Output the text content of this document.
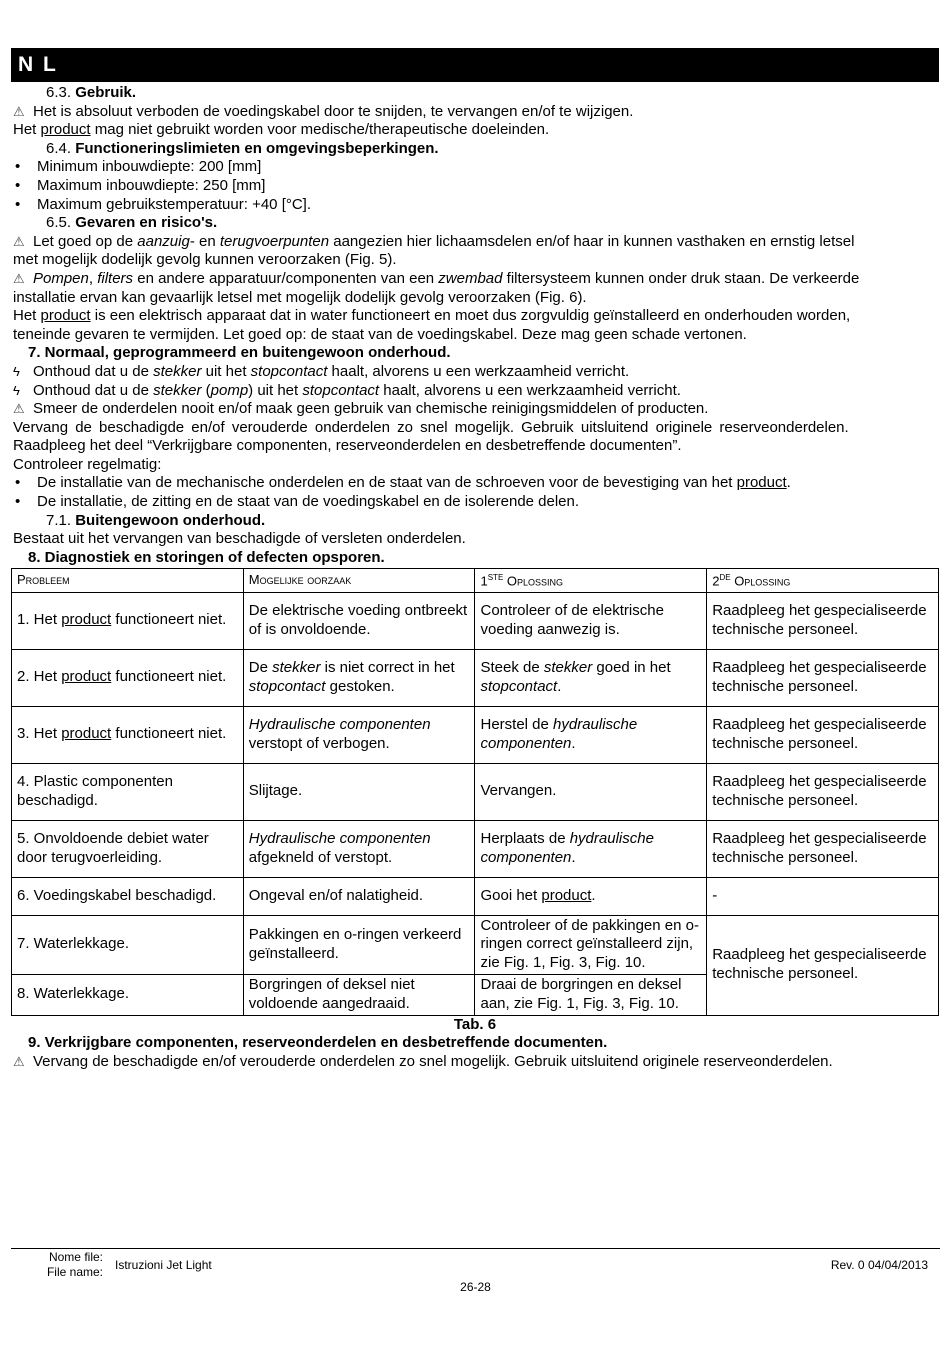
N L
6.3. Gebruik.
⚠ Het is absoluut verboden de voedingskabel door te snijden, te vervangen en/of te wijzigen.
Het product mag niet gebruikt worden voor medische/therapeutische doeleinden.
6.4. Functioneringslimieten en omgevingsbeperkingen.
• Minimum inbouwdiepte: 200 [mm]
• Maximum inbouwdiepte: 250 [mm]
• Maximum gebruikstemperatuur: +40 [°C].
6.5. Gevaren en risico's.
⚠ Let goed op de aanzuig- en terugvoerpunten aangezien hier lichaamsdelen en/of haar in kunnen vasthaken en ernstig letsel
met mogelijk dodelijk gevolg kunnen veroorzaken (Fig. 5).
⚠ Pompen, filters en andere apparatuur/componenten van een zwembad filtersysteem kunnen onder druk staan. De verkeerde
installatie ervan kan gevaarlijk letsel met mogelijk dodelijk gevolg veroorzaken (Fig. 6).
Het product is een elektrisch apparaat dat in water functioneert en moet dus zorgvuldig geïnstalleerd en onderhouden worden,
teneinde gevaren te vermijden. Let goed op: de staat van de voedingskabel. Deze mag geen schade vertonen.
7. Normaal, geprogrammeerd en buitengewoon onderhoud.
ϟ Onthoud dat u de stekker uit het stopcontact haalt, alvorens u een werkzaamheid verricht.
ϟ Onthoud dat u de stekker (pomp) uit het stopcontact haalt, alvorens u een werkzaamheid verricht.
⚠ Smeer de onderdelen nooit en/of maak geen gebruik van chemische reinigingsmiddelen of producten.
Vervang de beschadigde en/of verouderde onderdelen zo snel mogelijk. Gebruik uitsluitend originele reserveonderdelen.
Raadpleeg het deel “Verkrijgbare componenten, reserveonderdelen en desbetreffende documenten”.
Controleer regelmatig:
• De installatie van de mechanische onderdelen en de staat van de schroeven voor de bevestiging van het product.
• De installatie, de zitting en de staat van de voedingskabel en de isolerende delen.
7.1. Buitengewoon onderhoud.
Bestaat uit het vervangen van beschadigde of versleten onderdelen.
8. Diagnostiek en storingen of defecten opsporen.
Probleem	Mogelijke oorzaak	1STE Oplossing	2DE Oplossing
1. Het product functioneert niet.	De elektrische voeding ontbreekt of is onvoldoende.	Controleer of de elektrische voeding aanwezig is.	Raadpleeg het gespecialiseerde technische personeel.
2. Het product functioneert niet.	De stekker is niet correct in het stopcontact gestoken.	Steek de stekker goed in het stopcontact.	Raadpleeg het gespecialiseerde technische personeel.
3. Het product functioneert niet.	Hydraulische componenten verstopt of verbogen.	Herstel de hydraulische componenten.	Raadpleeg het gespecialiseerde technische personeel.
4. Plastic componenten beschadigd.	Slijtage.	Vervangen.	Raadpleeg het gespecialiseerde technische personeel.
5. Onvoldoende debiet water door terugvoerleiding.	Hydraulische componenten afgekneld of verstopt.	Herplaats de hydraulische componenten.	Raadpleeg het gespecialiseerde technische personeel.
6. Voedingskabel beschadigd.	Ongeval en/of nalatigheid.	Gooi het product.	-
7. Waterlekkage.	Pakkingen en o-ringen verkeerd geïnstalleerd.	Controleer of de pakkingen en o-ringen correct geïnstalleerd zijn, zie Fig. 1, Fig. 3, Fig. 10.	Raadpleeg het gespecialiseerde technische personeel.
8. Waterlekkage.	Borgringen of deksel niet voldoende aangedraaid.	Draai de borgringen en deksel aan, zie Fig. 1, Fig. 3, Fig. 10.	
Tab. 6
9. Verkrijgbare componenten, reserveonderdelen en desbetreffende documenten.
⚠ Vervang de beschadigde en/of verouderde onderdelen zo snel mogelijk. Gebruik uitsluitend originele reserveonderdelen.
Nome file:
File name: Istruzioni Jet Light	Rev. 0 04/04/2013
26-28
